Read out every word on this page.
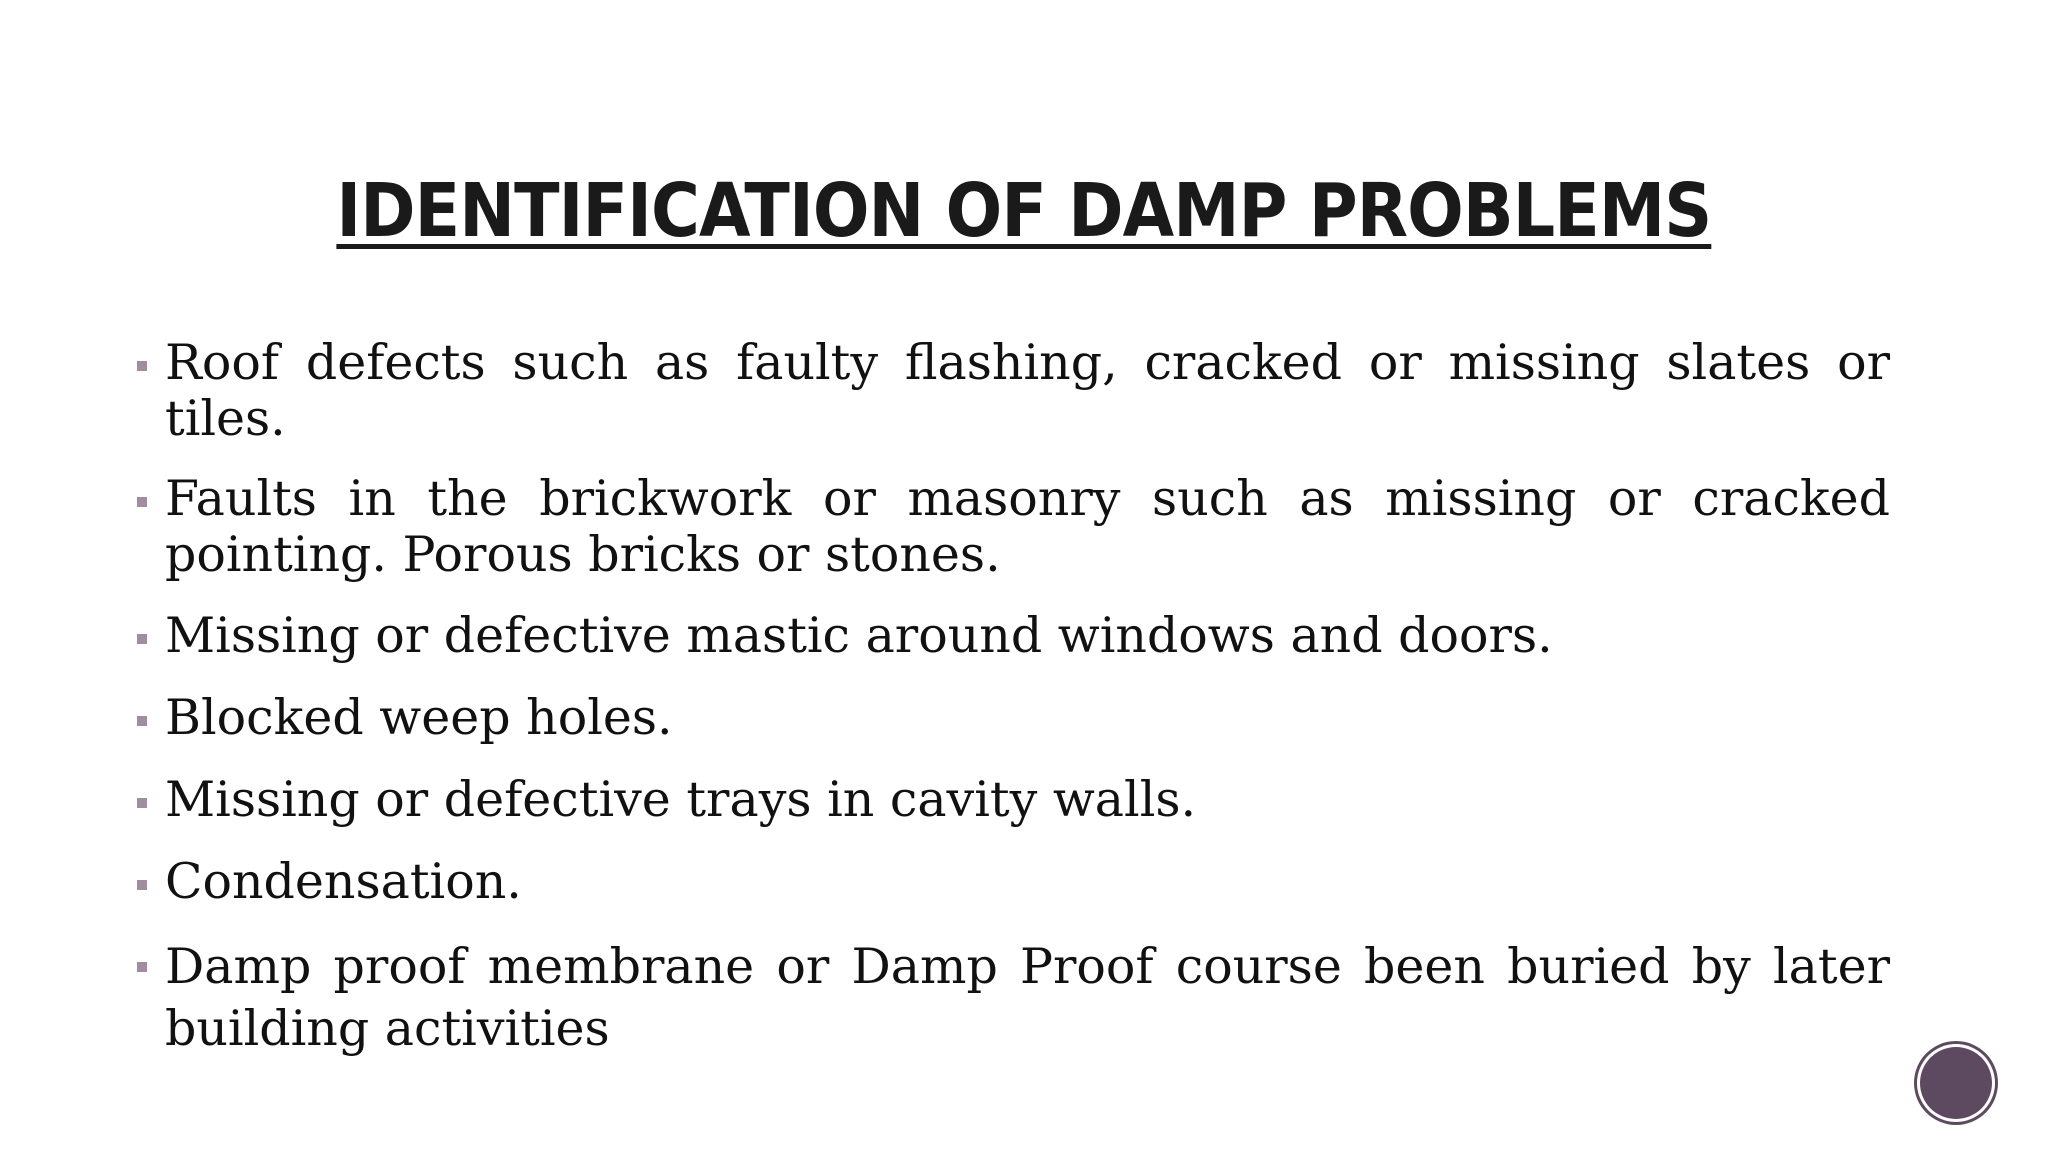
IDENTIFICATION OF DAMP PROBLEMS
Roof defects such as faulty flashing, cracked or missing slates or tiles.
Faults in the brickwork or masonry such as missing or cracked pointing. Porous bricks or stones.
Missing or defective mastic around windows and doors.
Blocked weep holes.
Missing or defective trays in cavity walls.
Condensation.
Damp proof membrane or Damp Proof course been buried by later building activities
